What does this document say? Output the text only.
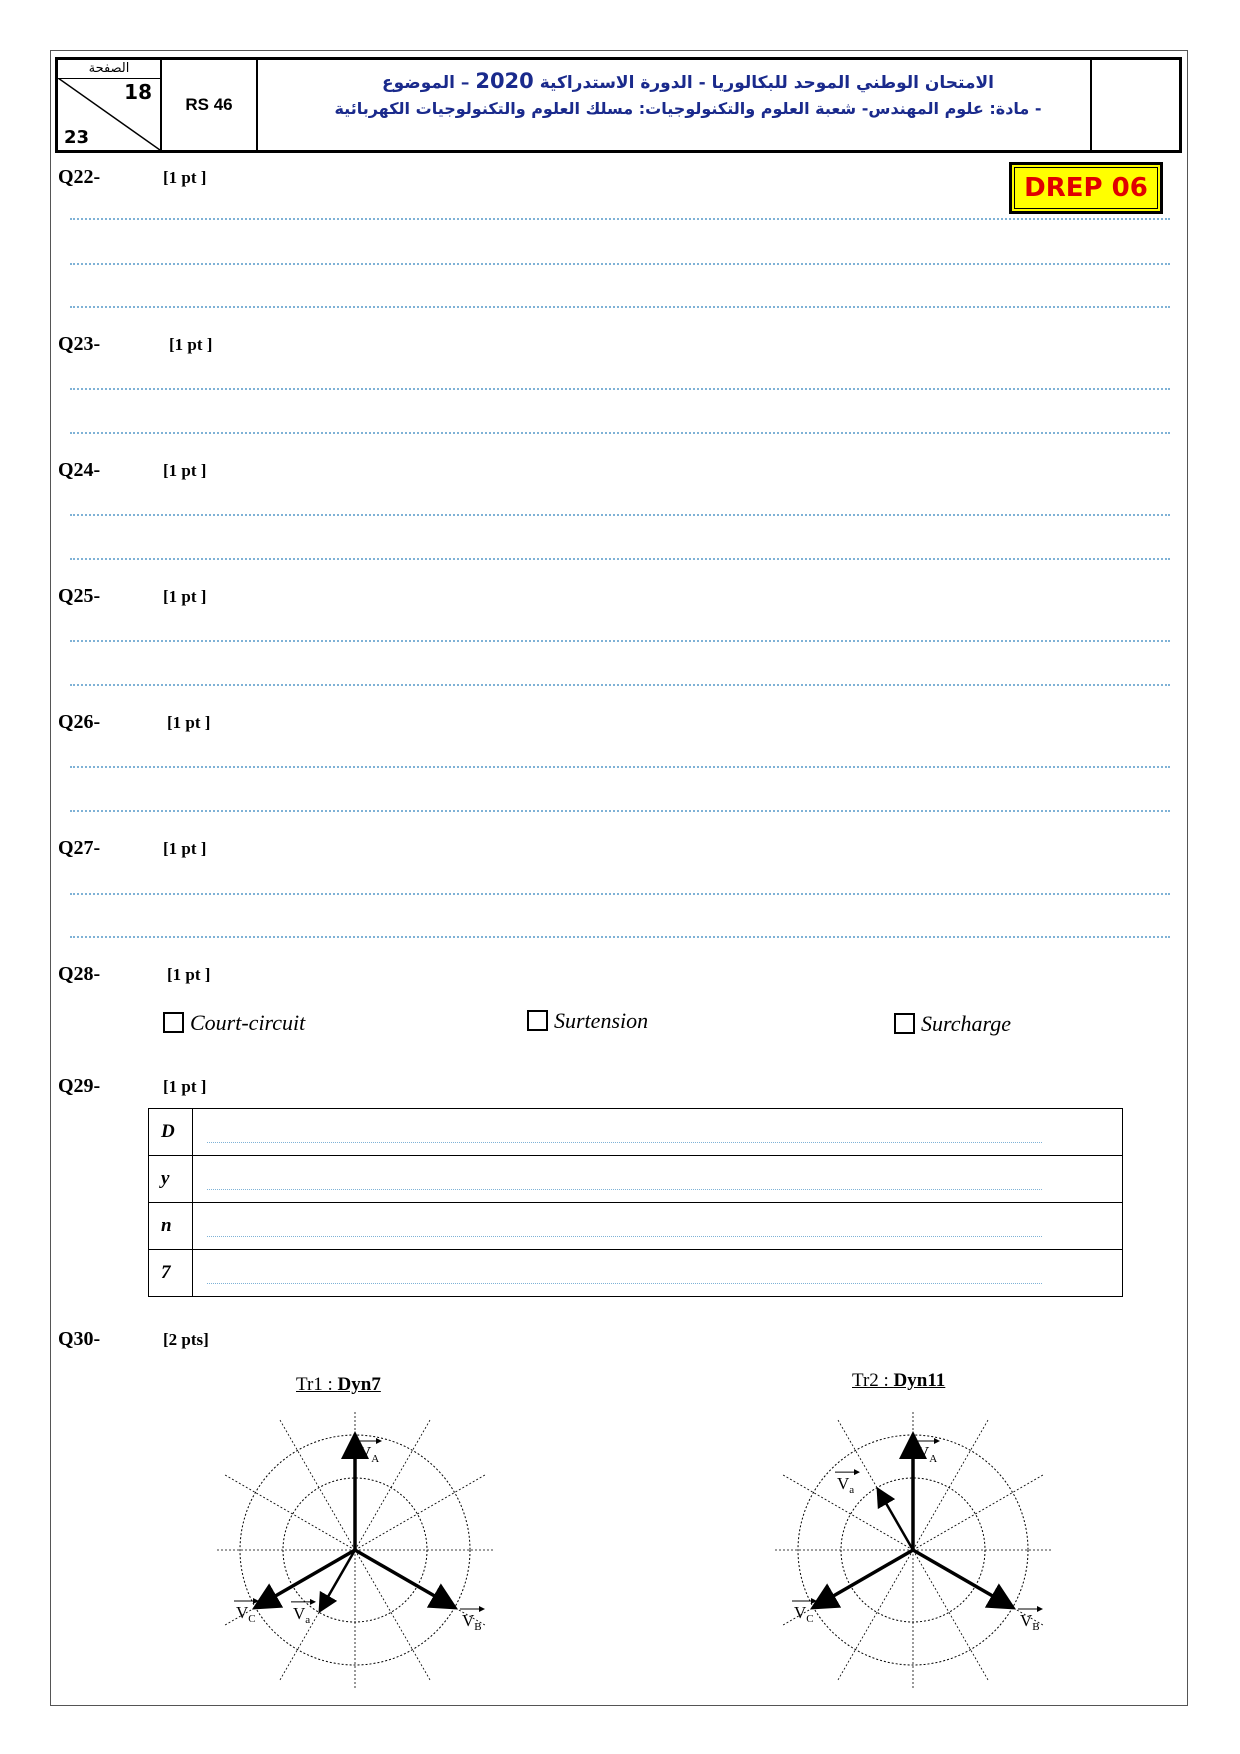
الصفحة
18
23
RS 46
الامتحان الوطني الموحد للبكالوريا - الدورة الاستدراكية 2020 – الموضوع
- مادة: علوم المهندس- شعبة العلوم والتكنولوجيات: مسلك العلوم والتكنولوجيات الكهربائية
DREP 06
Q22-	[1 pt ]
Q23-	[1 pt ]
Q24-	[1 pt ]
Q25-	[1 pt ]
Q26-	[1 pt ]
Q27-	[1 pt ]
Q28-	[1 pt ]
Court-circuit	Surtension	Surcharge
Q29-	[1 pt ]
D	

y	

n	

7	
Q30-	[2 pts]
Tr1 : Dyn7	Tr2 : Dyn11
$V_A$
$V_B$
$V_C$ $V_a$
$V_A$
$V_B$
$V_C$
$V_a$
